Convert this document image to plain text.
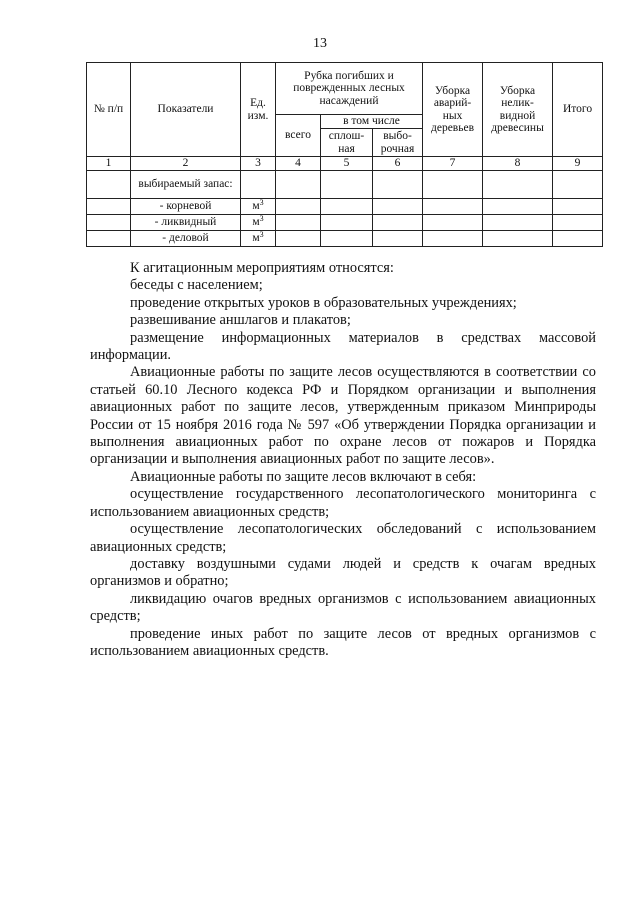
13
№ п/п	Показатели	Ед. изм.	Рубка погибших и поврежденных лесных насаждений			Уборка аварий-ных деревьев	Уборка нелик-видной древесины	Итого
			всего	в том числе				
				сплош-ная	выбо-рочная			
1	2	3	4	5	6	7	8	9
	выбираемый запас:							
	- корневой	$м^3$						
	- ликвидный	$м^3$						
	- деловой	$м^3$						

К агитационным мероприятиям относятся:

беседы с населением;

проведение открытых уроков в образовательных учреждениях;

развешивание аншлагов и плакатов;

размещение информационных материалов в средствах массовой информации.

Авиационные работы по защите лесов осуществляются в соответствии со статьей 60.10 Лесного кодекса РФ и Порядком организации и выполнения авиационных работ по защите лесов, утвержденным приказом Минприроды России от 15 ноября 2016 года № 597 «Об утверждении Порядка организации и выполнения авиационных работ по охране лесов от пожаров и Порядка организации и выполнения авиационных работ по защите лесов».

Авиационные работы по защите лесов включают в себя:

осуществление государственного лесопатологического мониторинга с использованием авиационных средств;

осуществление лесопатологических обследований с использованием авиационных средств;

доставку воздушными судами людей и средств к очагам вредных организмов и обратно;

ликвидацию очагов вредных организмов с использованием авиационных средств;

проведение иных работ по защите лесов от вредных организмов с использованием авиационных средств.
